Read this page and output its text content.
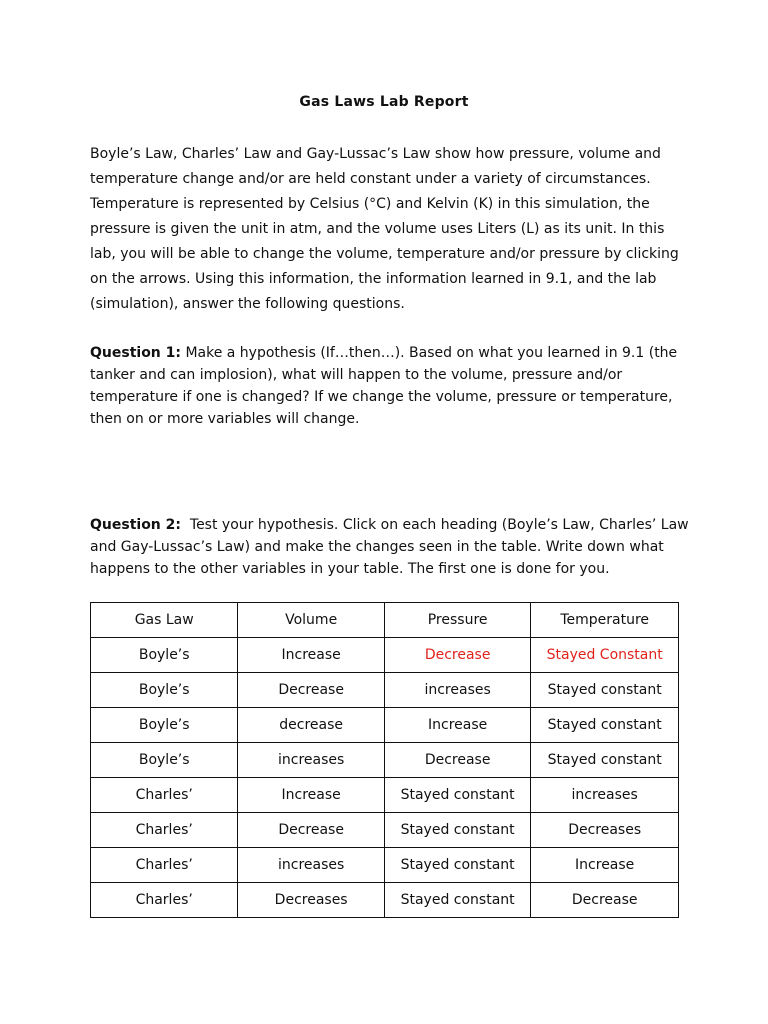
Gas Laws Lab Report

Boyle’s Law, Charles’ Law and Gay-Lussac’s Law show how pressure, volume and temperature change and/or are held constant under a variety of circumstances. Temperature is represented by Celsius (°C) and Kelvin (K) in this simulation, the pressure is given the unit in atm, and the volume uses Liters (L) as its unit. In this lab, you will be able to change the volume, temperature and/or pressure by clicking on the arrows. Using this information, the information learned in 9.1, and the lab (simulation), answer the following questions.

Question 1: Make a hypothesis (If…then…). Based on what you learned in 9.1 (the tanker and can implosion), what will happen to the volume, pressure and/or temperature if one is changed? If we change the volume, pressure or temperature, then on or more variables will change.

Question 2:  Test your hypothesis. Click on each heading (Boyle’s Law, Charles’ Law and Gay-Lussac’s Law) and make the changes seen in the table. Write down what happens to the other variables in your table. The first one is done for you.

Gas Law	Volume	Pressure	Temperature
Boyle’s	Increase	Decrease	Stayed Constant
Boyle’s	Decrease	increases	Stayed constant
Boyle’s	decrease	Increase	Stayed constant
Boyle’s	increases	Decrease	Stayed constant
Charles’	Increase	Stayed constant	increases
Charles’	Decrease	Stayed constant	Decreases
Charles’	increases	Stayed constant	Increase
Charles’	Decreases	Stayed constant	Decrease
